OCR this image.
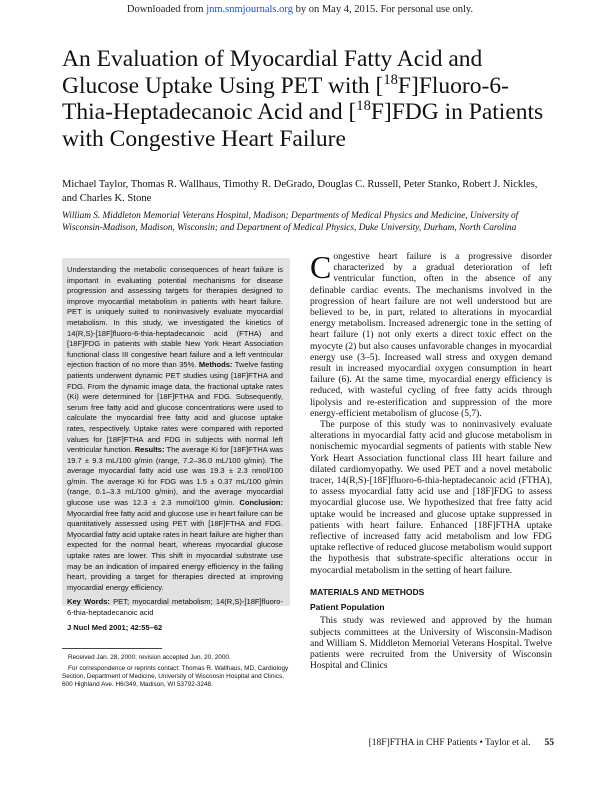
Downloaded from jnm.snmjournals.org by on May 4, 2015. For personal use only.
An Evaluation of Myocardial Fatty Acid and Glucose Uptake Using PET with [$^{18}$F]Fluoro-6-Thia-Heptadecanoic Acid and [$^{18}$F]FDG in Patients with Congestive Heart Failure
Michael Taylor, Thomas R. Wallhaus, Timothy R. DeGrado, Douglas C. Russell, Peter Stanko, Robert J. Nickles, and Charles K. Stone
William S. Middleton Memorial Veterans Hospital, Madison; Departments of Medical Physics and Medicine, University of Wisconsin-Madison, Madison, Wisconsin; and Department of Medical Physics, Duke University, Durham, North Carolina
Understanding the metabolic consequences of heart failure is important in evaluating potential mechanisms for disease progression and assessing targets for therapies designed to improve myocardial metabolism in patients with heart failure. PET is uniquely suited to noninvasively evaluate myocardial metabolism. In this study, we investigated the kinetics of 14(R,S)-[18F]fluoro-6-thia-heptadecanoic acid (FTHA) and [18F]FDG in patients with stable New York Heart Association functional class III congestive heart failure and a left ventricular ejection fraction of no more than 35%. Methods: Twelve fasting patients underwent dynamic PET studies using [18F]FTHA and FDG. From the dynamic image data, the fractional uptake rates (Ki) were determined for [18F]FTHA and FDG. Subsequently, serum free fatty acid and glucose concentrations were used to calculate the myocardial free fatty acid and glucose uptake rates, respectively. Uptake rates were compared with reported values for [18F]FTHA and FDG in subjects with normal left ventricular function. Results: The average Ki for [18F]FTHA was 19.7 ± 9.3 mL/100 g/min (range, 7.2–36.0 mL/100 g/min). The average myocardial fatty acid use was 19.3 ± 2.3 nmol/100 g/min. The average Ki for FDG was 1.5 ± 0.37 mL/100 g/min (range, 0.1–3.3 mL/100 g/min), and the average myocardial glucose use was 12.3 ± 2.3 mmol/100 g/min. Conclusion: Myocardial free fatty acid and glucose use in heart failure can be quantitatively assessed using PET with [18F]FTHA and FDG. Myocardial fatty acid uptake rates in heart failure are higher than expected for the normal heart, whereas myocardial glucose uptake rates are lower. This shift in myocardial substrate use may be an indication of impaired energy efficiency in the failing heart, providing a target for therapies directed at improving myocardial energy efficiency.
Key Words: PET; myocardial metabolism; 14(R,S)-[18F]fluoro-6-thia-heptadecanoic acid
J Nucl Med 2001; 42:55–62

Received Jan. 28, 2000; revision accepted Jun. 20, 2000.

For correspondence or reprints contact: Thomas R. Wallhaus, MD, Cardiology Section, Department of Medicine, University of Wisconsin Hospital and Clinics, 600 Highland Ave. H6/349, Madison, WI 53792-3248.

Congestive heart failure is a progressive disorder characterized by a gradual deterioration of left ventricular function, often in the absence of any definable cardiac events. The mechanisms involved in the progression of heart failure are not well understood but are believed to be, in part, related to alterations in myocardial energy metabolism. Increased adrenergic tone in the setting of heart failure (1) not only exerts a direct toxic effect on the myocyte (2) but also causes unfavorable changes in myocardial energy use (3–5). Increased wall stress and oxygen demand result in increased myocardial oxygen consumption in heart failure (6). At the same time, myocardial energy efficiency is reduced, with wasteful cycling of free fatty acids through lipolysis and re-esterification and suppression of the more energy-efficient metabolism of glucose (5,7).

The purpose of this study was to noninvasively evaluate alterations in myocardial fatty acid and glucose metabolism in nonischemic myocardial segments of patients with stable New York Heart Association functional class III heart failure and dilated cardiomyopathy. We used PET and a novel metabolic tracer, 14(R,S)-[18F]fluoro-6-thia-heptadecanoic acid (FTHA), to assess myocardial fatty acid use and [18F]FDG to assess myocardial glucose use. We hypothesized that free fatty acid uptake would be increased and glucose uptake suppressed in patients with heart failure. Enhanced [18F]FTHA uptake reflective of increased fatty acid metabolism and low FDG uptake reflective of reduced glucose metabolism would support the hypothesis that substrate-specific alterations occur in myocardial metabolism in the setting of heart failure.

MATERIALS AND METHODS
Patient Population

This study was reviewed and approved by the human subjects committees at the University of Wisconsin-Madison and William S. Middleton Memorial Veterans Hospital. Twelve patients were recruited from the University of Wisconsin Hospital and Clinics

[18F]FTHA in CHF Patients • Taylor et al. 55
